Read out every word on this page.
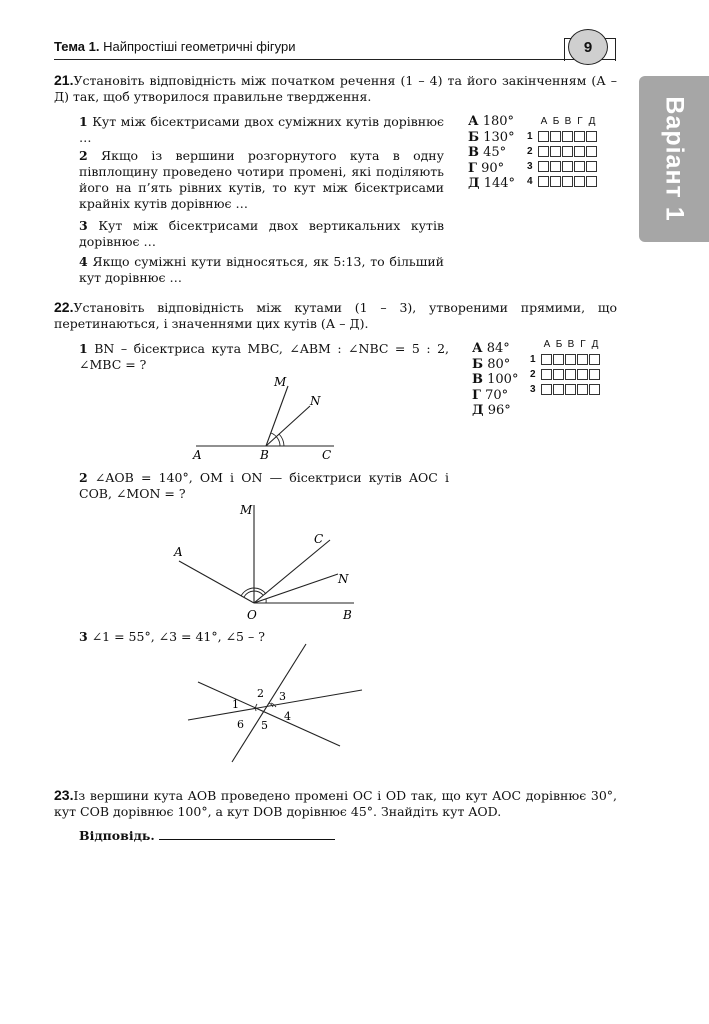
Тема 1. Найпростіші геометричні фігури	9
Варіант 1
21.Установіть відповідність між початком речення (1 – 4) та його закінченням (А – Д) так, щоб утворилося правильне твердження.
1 Кут між бісектрисами двох суміжних кутів дорівнює …
2 Якщо із вершини розгорнутого кута в одну півплощину проведено чотири промені, які поділяють його на п’ять рівних кутів, то кут між бісектрисами крайніх кутів дорівнює …
3 Кут між бісектрисами двох вертикальних кутів дорівнює …
4 Якщо суміжні кути відносяться, як 5:13, то більший кут дорівнює …
А 180°
Б 130°
В 45°
Г 90°
Д 144°
А Б В Г Д
1
2
3
4
22.Установіть відповідність між кутами (1 – 3), утвореними прямими, що перетинаються, і значеннями цих кутів (А – Д).
1 BN – бісектриса кута MBC, ∠ABM : ∠NBC = 5 : 2, ∠MBC = ?
А 84°
Б 80°
В 100°
Г 70°
Д 96°
А Б В Г Д
1
2
3
A	B	C
M
N
2 ∠AOB = 140°, OM і ON — бісектриси кутів AOC і COB, ∠MON = ?
A
M
C
N
O	B
3 ∠1 = 55°, ∠3 = 41°, ∠5 – ?
1
2 3
4
5
6
23.Із вершини кута AOB проведено промені OC і OD так, що кут AOC дорівнює 30°, кут COB дорівнює 100°, а кут DOB дорівнює 45°. Знайдіть кут AOD.
Відповідь.
